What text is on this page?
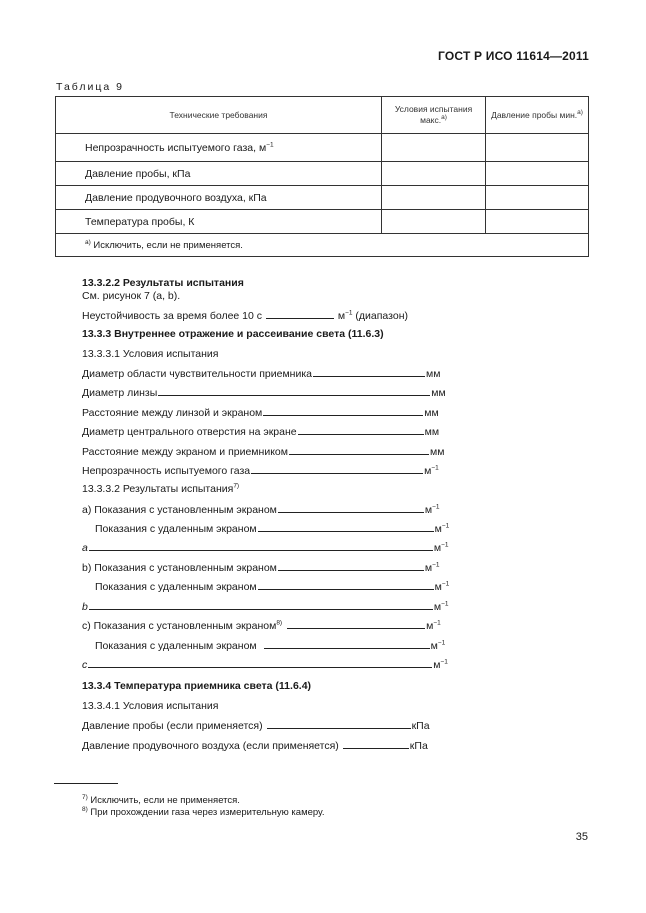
ГОСТ Р ИСО 11614—2011
Таблица 9
Технические требования	Условия испытания макс.$^{a)}$	Давление пробы мин.$^{a)}$
Непрозрачность испытуемого газа, $м^{-1}$		
Давление пробы, кПа		
Давление продувочного воздуха, кПа		
Температура пробы, К		
$^{a)}$ Исключить, если не применяется.		
13.3.2.2 Результаты испытания
См. рисунок 7 (a, b).
Неустойчивость за время более 10 с	$м^{-1}$ (диапазон)
13.3.3 Внутреннее отражение и рассеивание света (11.6.3)
13.3.3.1 Условия испытания
Диаметр области чувствительности приемника	мм
Диаметр линзы	мм
Расстояние между линзой и экраном	мм
Диаметр центрального отверстия на экране	мм
Расстояние между экраном и приемником	мм
Непрозрачность испытуемого газа	$м^{-1}$
13.3.3.2 Результаты испытания$^{7)}$
a) Показания с установленным экраном	$м^{-1}$
Показания с удаленным экраном	$м^{-1}$
a	$м^{-1}$
b) Показания с установленным экраном	$м^{-1}$
Показания с удаленным экраном	$м^{-1}$
b	$м^{-1}$
c) Показания с установленным экраном$^{8)}$	$м^{-1}$
Показания с удаленным экраном	$м^{-1}$
c	$м^{-1}$
13.3.4 Температура приемника света (11.6.4)
13.3.4.1 Условия испытания
Давление пробы (если применяется)	кПа
Давление продувочного воздуха (если применяется)	кПа
$^{7)}$ Исключить, если не применяется.
$^{8)}$ При прохождении газа через измерительную камеру.
35
